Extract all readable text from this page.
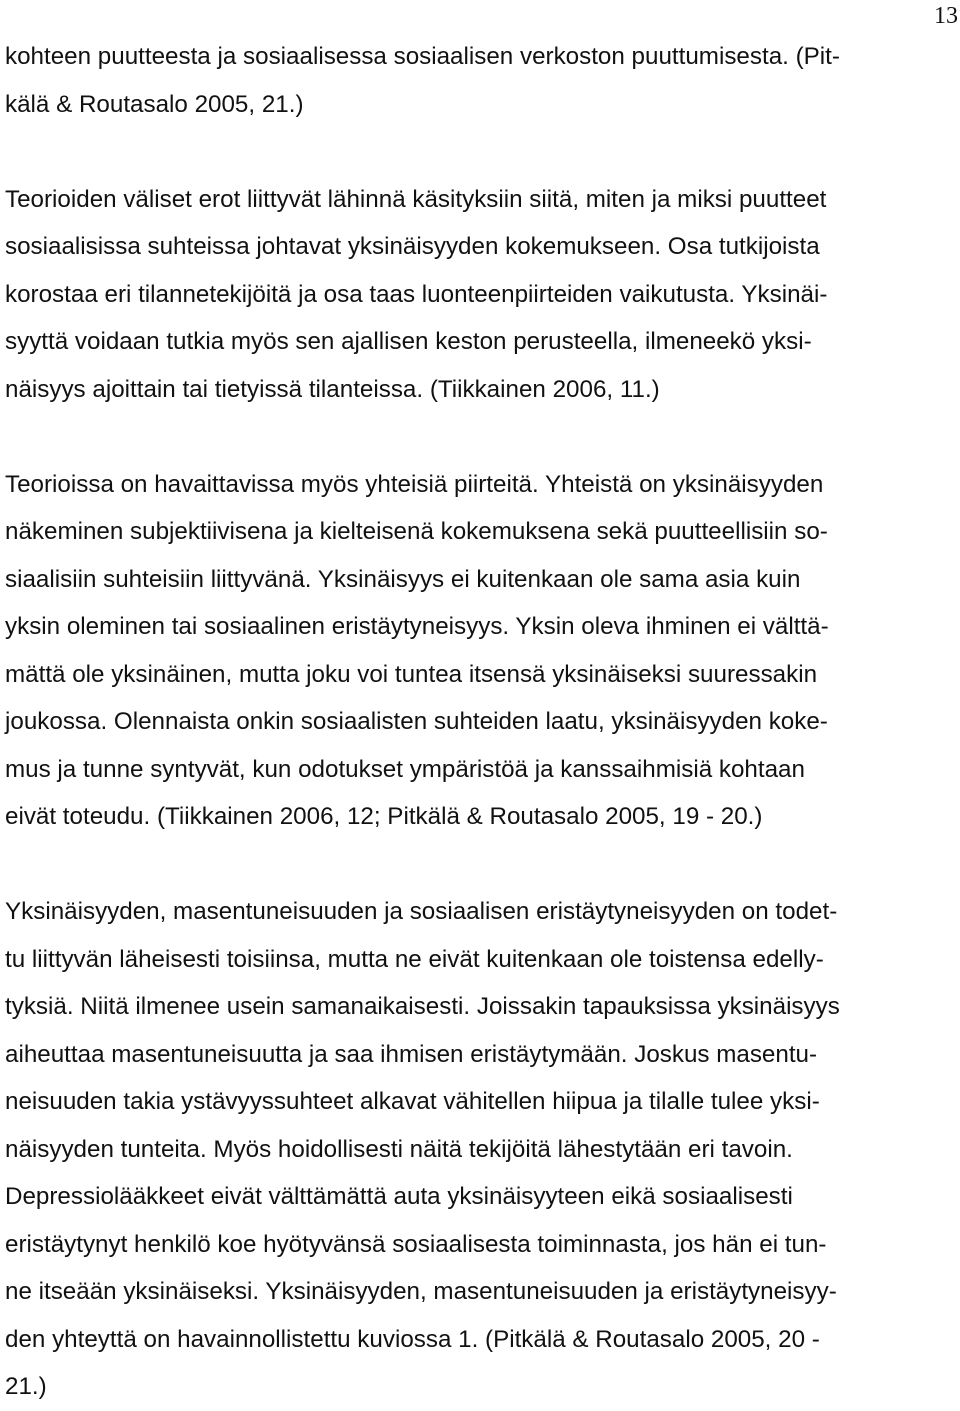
13
kohteen puutteesta ja sosiaalisessa sosiaalisen verkoston puuttumisesta. (Pit-
kälä & Routasalo 2005, 21.)
Teorioiden väliset erot liittyvät lähinnä käsityksiin siitä, miten ja miksi puutteet
sosiaalisissa suhteissa johtavat yksinäisyyden kokemukseen. Osa tutkijoista
korostaa eri tilannetekijöitä ja osa taas luonteenpiirteiden vaikutusta. Yksinäi-
syyttä voidaan tutkia myös sen ajallisen keston perusteella, ilmeneekö yksi-
näisyys ajoittain tai tietyissä tilanteissa. (Tiikkainen 2006, 11.)
Teorioissa on havaittavissa myös yhteisiä piirteitä. Yhteistä on yksinäisyyden
näkeminen subjektiivisena ja kielteisenä kokemuksena sekä puutteellisiin so-
siaalisiin suhteisiin liittyvänä. Yksinäisyys ei kuitenkaan ole sama asia kuin
yksin oleminen tai sosiaalinen eristäytyneisyys. Yksin oleva ihminen ei välttä-
mättä ole yksinäinen, mutta joku voi tuntea itsensä yksinäiseksi suuressakin
joukossa. Olennaista onkin sosiaalisten suhteiden laatu, yksinäisyyden koke-
mus ja tunne syntyvät, kun odotukset ympäristöä ja kanssaihmisiä kohtaan
eivät toteudu. (Tiikkainen 2006, 12; Pitkälä & Routasalo 2005, 19 - 20.)
Yksinäisyyden, masentuneisuuden ja sosiaalisen eristäytyneisyyden on todet-
tu liittyvän läheisesti toisiinsa, mutta ne eivät kuitenkaan ole toistensa edelly-
tyksiä. Niitä ilmenee usein samanaikaisesti. Joissakin tapauksissa yksinäisyys
aiheuttaa masentuneisuutta ja saa ihmisen eristäytymään. Joskus masentu-
neisuuden takia ystävyyssuhteet alkavat vähitellen hiipua ja tilalle tulee yksi-
näisyyden tunteita. Myös hoidollisesti näitä tekijöitä lähestytään eri tavoin.
Depressiolääkkeet eivät välttämättä auta yksinäisyyteen eikä sosiaalisesti
eristäytynyt henkilö koe hyötyvänsä sosiaalisesta toiminnasta, jos hän ei tun-
ne itseään yksinäiseksi. Yksinäisyyden, masentuneisuuden ja eristäytyneisyy-
den yhteyttä on havainnollistettu kuviossa 1. (Pitkälä & Routasalo 2005, 20 -
21.)
